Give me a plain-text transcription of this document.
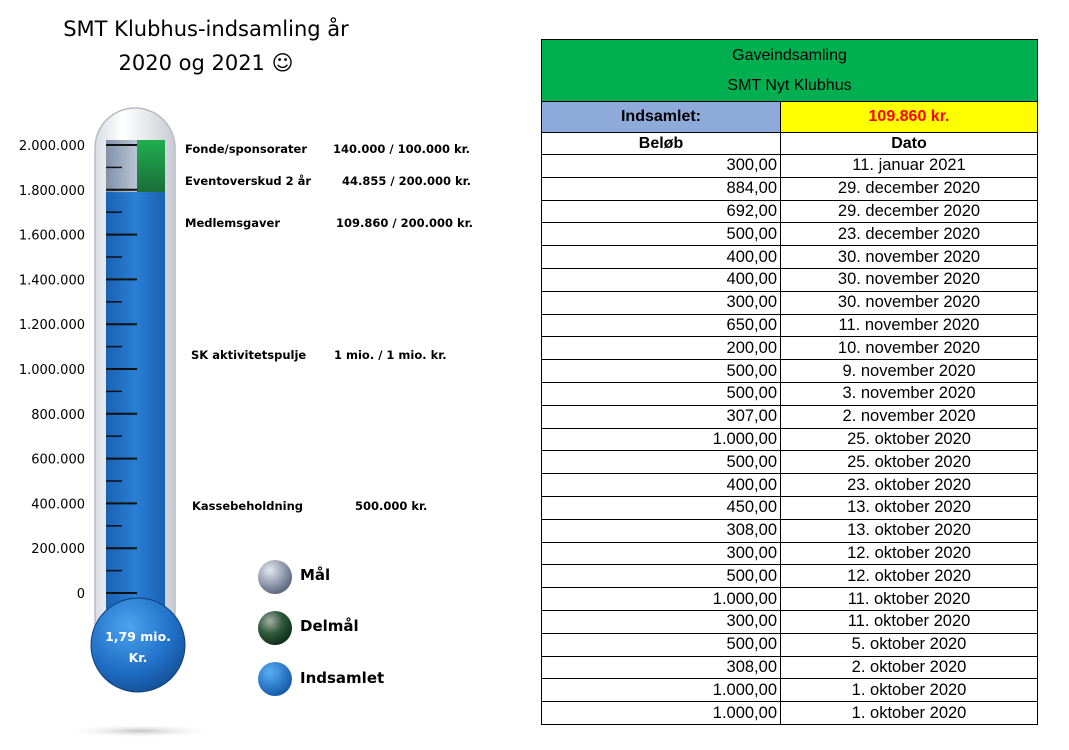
SMT Klubhus-indsamling år
2020 og 2021 ☺
2.000.000
1.800.000
1.600.000
1.400.000
1.200.000
1.000.000
800.000
600.000
400.000
200.000
0
1,79 mio.
Kr.
Fonde/sponsorater 140.000 / 100.000 kr.
Eventoverskud 2 år	44.855 / 200.000 kr.
Medlemsgaver	109.860 / 200.000 kr.
SK aktivitetspulje 1 mio. / 1 mio. kr.
Kassebeholdning	500.000 kr.
Mål
Delmål
Indsamlet
Gaveindsamling
SMT Nyt Klubhus	

Indsamlet:	109.860 kr.
Beløb	Dato
300,00	11. januar 2021
884,00	29. december 2020
692,00	29. december 2020
500,00	23. december 2020
400,00	30. november 2020
400,00	30. november 2020
300,00	30. november 2020
650,00	11. november 2020
200,00	10. november 2020
500,00	9. november 2020
500,00	3. november 2020
307,00	2. november 2020
1.000,00	25. oktober 2020
500,00	25. oktober 2020
400,00	23. oktober 2020
450,00	13. oktober 2020
308,00	13. oktober 2020
300,00	12. oktober 2020
500,00	12. oktober 2020
1.000,00	11. oktober 2020
300,00	11. oktober 2020
500,00	5. oktober 2020
308,00	2. oktober 2020
1.000,00	1. oktober 2020
1.000,00	1. oktober 2020
